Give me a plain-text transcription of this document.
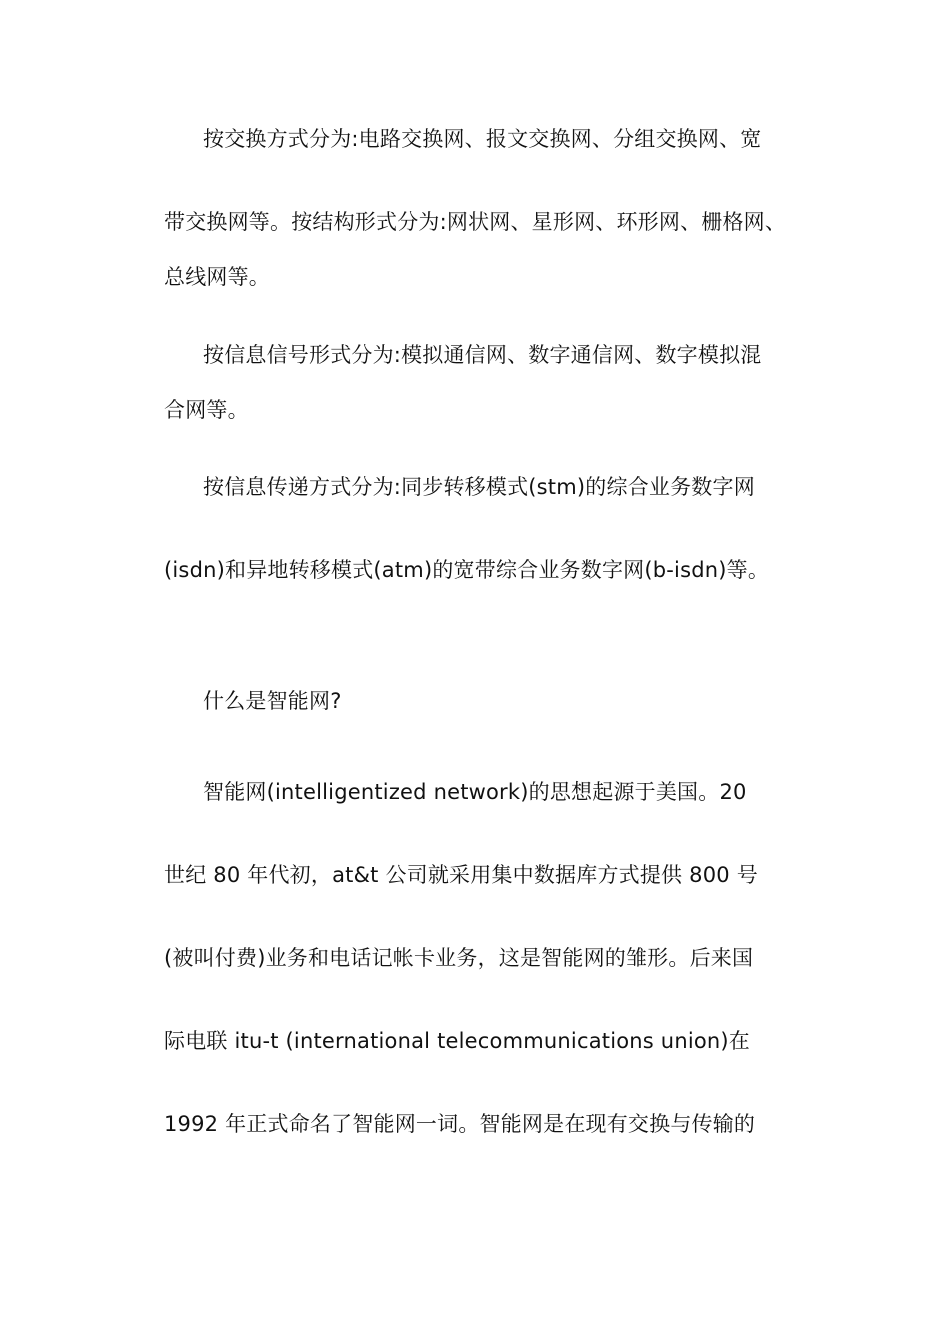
按交换方式分为:电路交换网、报文交换网、分组交换网、宽
带交换网等。按结构形式分为:网状网、星形网、环形网、栅格网、
总线网等。
按信息信号形式分为:模拟通信网、数字通信网、数字模拟混
合网等。
按信息传递方式分为:同步转移模式(stm)的综合业务数字网
(isdn)和异地转移模式(atm)的宽带综合业务数字网(b-isdn)等。
什么是智能网?
智能网(intelligentized network)的思想起源于美国。20
世纪 80 年代初，at&t 公司就采用集中数据库方式提供 800 号
(被叫付费)业务和电话记帐卡业务，这是智能网的雏形。后来国
际电联 itu-t (international telecommunications union)在
1992 年正式命名了智能网一词。智能网是在现有交换与传输的
